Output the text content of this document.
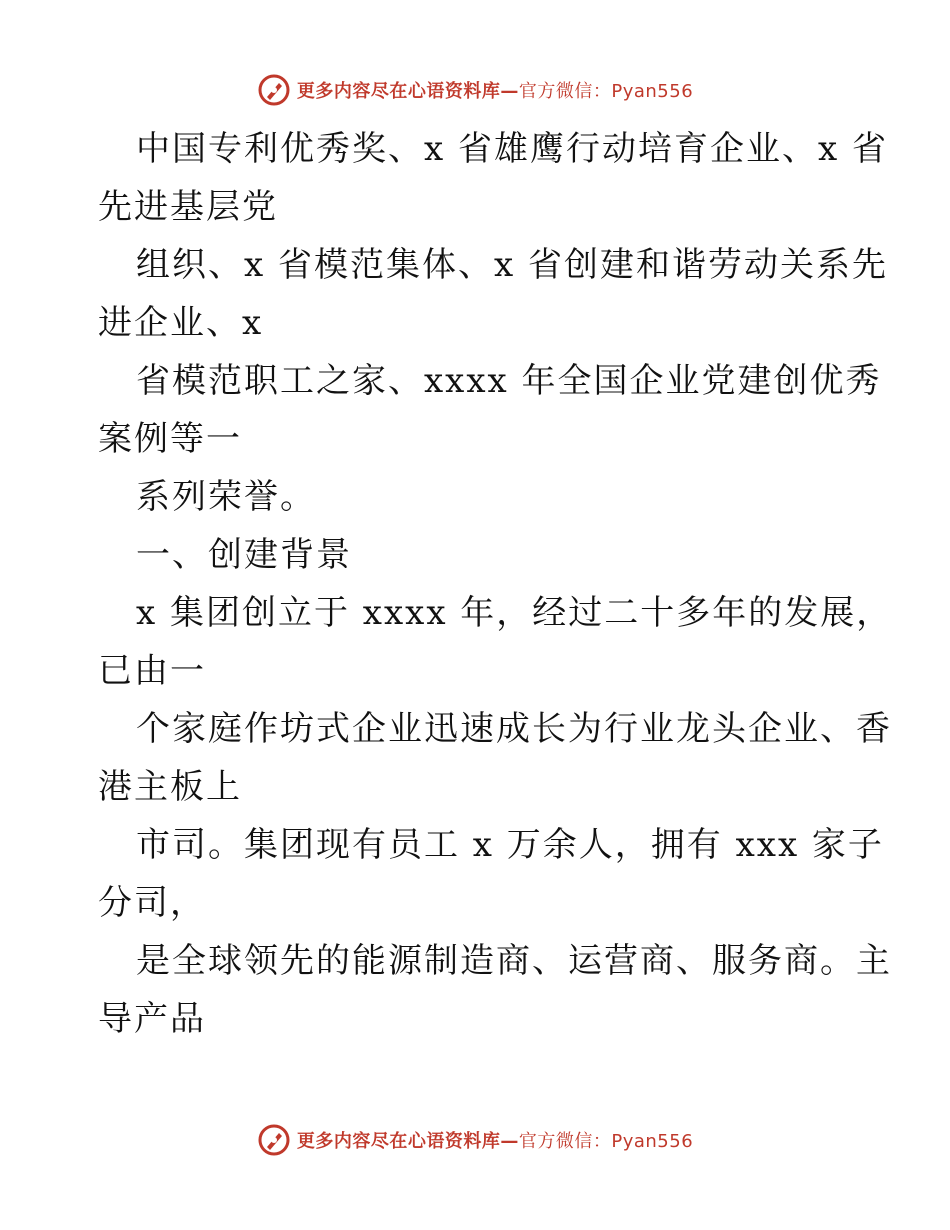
更多内容尽在心语资料库—官方微信：Pyan556
中国专利优秀奖、x 省雄鹰行动培育企业、x 省
先进基层党
组织、x 省模范集体、x 省创建和谐劳动关系先
进企业、x
省模范职工之家、xxxx 年全国企业党建创优秀
案例等一
系列荣誉。
一、创建背景
x 集团创立于 xxxx 年，经过二十多年的发展，
已由一
个家庭作坊式企业迅速成长为行业龙头企业、香
港主板上
市司。集团现有员工 x 万余人，拥有 xxx 家子
分司，
是全球领先的能源制造商、运营商、服务商。主
导产品
更多内容尽在心语资料库—官方微信：Pyan556
